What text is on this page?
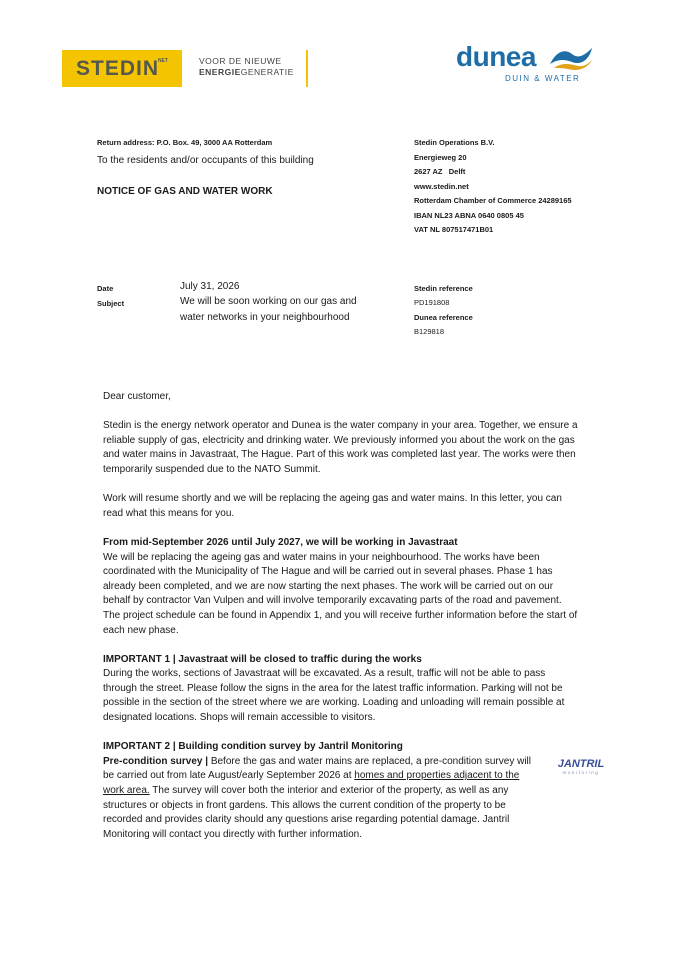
STEDIN
NET	VOOR DE NIEUWE
ENERGIEGENERATIE	dunea
DUIN & WATER
Return address: P.O. Box. 49, 3000 AA Rotterdam
To the residents and/or occupants of this building
NOTICE OF GAS AND WATER WORK
Stedin Operations B.V.
Energieweg 20
2627 AZ   Delft
www.stedin.net
Rotterdam Chamber of Commerce 24289165
IBAN NL23 ABNA 0640 0805 45
VAT NL 807517471B01
Date	July 31, 2026
Subject	We will be soon working on our gas and
water networks in your neighbourhood
Stedin reference
PD191808
Dunea reference
B129818

Dear customer,

Stedin is the energy network operator and Dunea is the water company in your area. Together, we ensure a reliable supply of gas, electricity and drinking water. We previously informed you about the work on the gas and water mains in Javastraat, The Hague. Part of this work was completed last year. The works were then temporarily suspended due to the NATO Summit.

Work will resume shortly and we will be replacing the ageing gas and water mains. In this letter, you can read what this means for you.

From mid-September 2026 until July 2027, we will be working in Javastraat

We will be replacing the ageing gas and water mains in your neighbourhood. The works have been coordinated with the Municipality of The Hague and will be carried out in several phases. Phase 1 has already been completed, and we are now starting the next phases. The work will be carried out on our behalf by contractor Van Vulpen and will involve temporarily excavating parts of the road and pavement. The project schedule can be found in Appendix 1, and you will receive further information before the start of each new phase.

IMPORTANT 1 | Javastraat will be closed to traffic during the works

During the works, sections of Javastraat will be excavated. As a result, traffic will not be able to pass through the street. Please follow the signs in the area for the latest traffic information. Parking will not be possible in the section of the street where we are working. Loading and unloading will remain possible at designated locations. Shops will remain accessible to visitors.

IMPORTANT 2 | Building condition survey by Jantril Monitoring

Pre-condition survey | Before the gas and water mains are replaced, a pre-condition survey will be carried out from late August/early September 2026 at homes and properties adjacent to the work area. The survey will cover both the interior and exterior of the property, as well as any structures or objects in front gardens. This allows the current condition of the property to be recorded and provides clarity should any questions arise regarding potential damage. Jantril Monitoring will contact you directly with further information.

JANTRIL
monitoring
